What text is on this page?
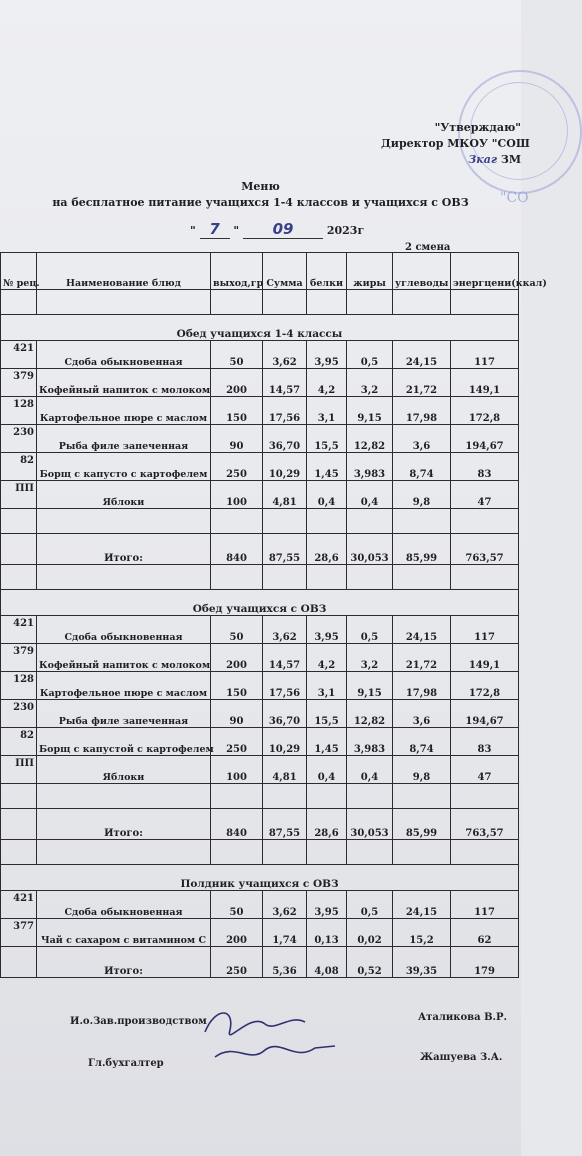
"СО
"Утверждаю"
Директор МКОУ "СОШ
Зкаг ЗМ
Меню
на бесплатное питание учащихся 1-4 классов и учащихся с ОВЗ
" 7 " 09	2023г
2 смена
№ рец.	Наименование блюд	выход,гр	Сумма	белки	жиры	углеводы	энергцени(ккал)

Обед учащихся 1-4 классы							
421	Сдоба обыкновенная	50	3,62	3,95	0,5	24,15	117
379	Кофейный напиток с молоком	200	14,57	4,2	3,2	21,72	149,1
128	Картофельное пюре с маслом	150	17,56	3,1	9,15	17,98	172,8
230	Рыба филе запеченная	90	36,70	15,5	12,82	3,6	194,67
82	Борщ с капусто с картофелем	250	10,29	1,45	3,983	8,74	83
ПП	Яблоки	100	4,81	0,4	0,4	9,8	47

	Итого:	840	87,55	28,6	30,053	85,99	763,57

Обед учащихся с ОВЗ							
421	Сдоба обыкновенная	50	3,62	3,95	0,5	24,15	117
379	Кофейный напиток с молоком	200	14,57	4,2	3,2	21,72	149,1
128	Картофельное пюре с маслом	150	17,56	3,1	9,15	17,98	172,8
230	Рыба филе запеченная	90	36,70	15,5	12,82	3,6	194,67
82	Борщ с капустой с картофелем	250	10,29	1,45	3,983	8,74	83
ПП	Яблоки	100	4,81	0,4	0,4	9,8	47

	Итого:	840	87,55	28,6	30,053	85,99	763,57

Полдник учащихся с ОВЗ							
421	Сдоба обыкновенная	50	3,62	3,95	0,5	24,15	117
377	Чай с сахаром с витамином С	200	1,74	0,13	0,02	15,2	62
	Итого:	250	5,36	4,08	0,52	39,35	179
И.о.Зав.производством	Аталикова В.Р.
Гл.бухгалтер
Жашуева З.А.
